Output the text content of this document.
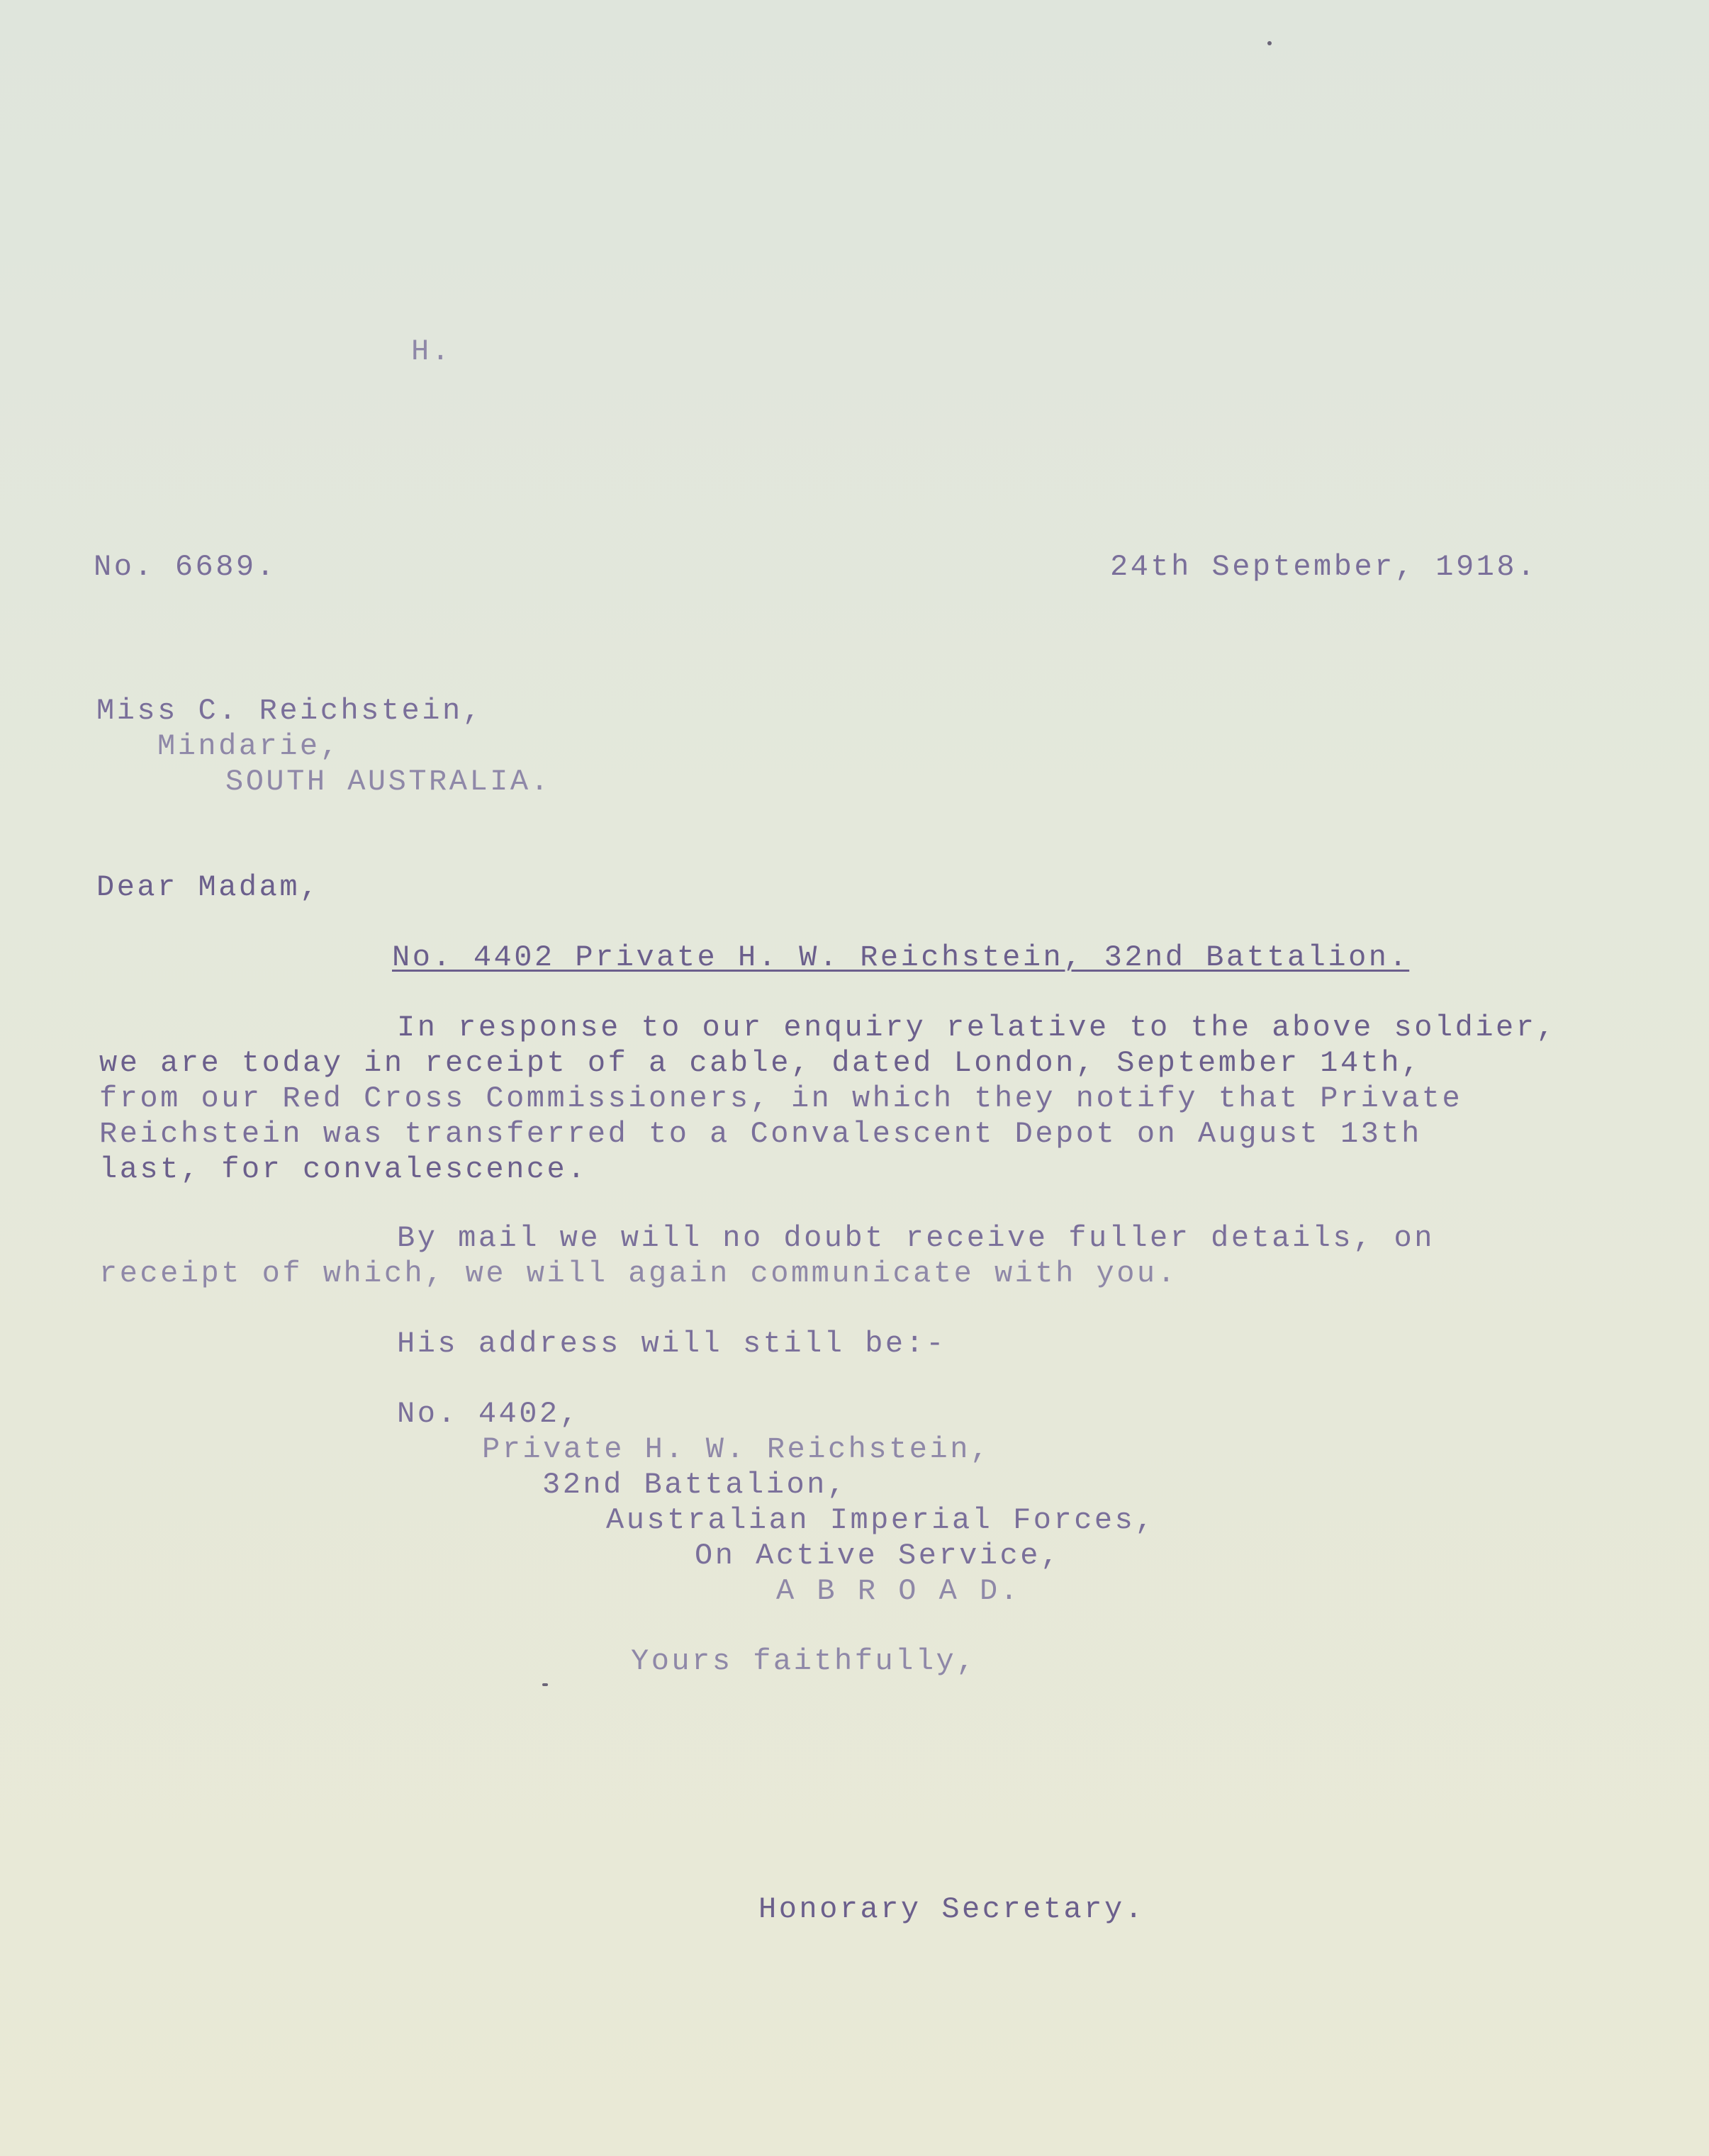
H.
No. 6689.	24th September, 1918.
Miss C. Reichstein,
Mindarie,
SOUTH AUSTRALIA.
Dear Madam,
No. 4402 Private H. W. Reichstein, 32nd Battalion.
In response to our enquiry relative to the above soldier,
we are today in receipt of a cable, dated London, September 14th,
from our Red Cross Commissioners, in which they notify that Private
Reichstein was transferred to a Convalescent Depot on August 13th
last, for convalescence.
By mail we will no doubt receive fuller details, on
receipt of which, we will again communicate with you.
His address will still be:-
No. 4402,
Private H. W. Reichstein,
32nd Battalion,
Australian Imperial Forces,
On Active Service,
A B R O A D.
Yours faithfully,
Honorary Secretary.
